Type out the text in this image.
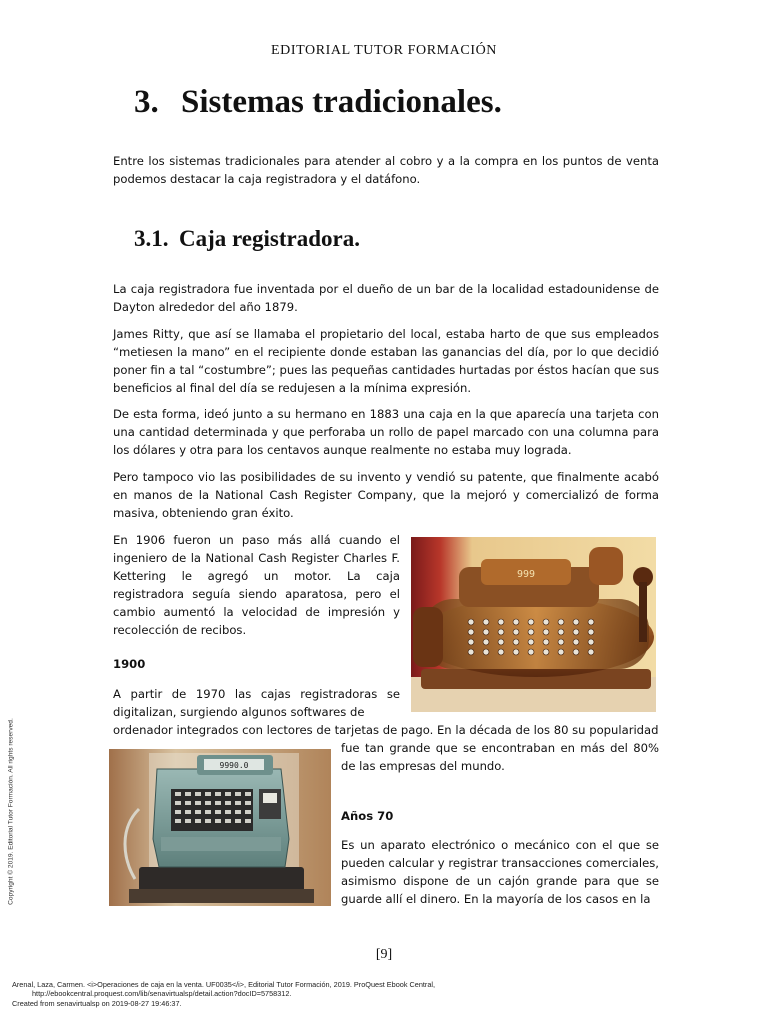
EDITORIAL TUTOR FORMACIÓN
3. Sistemas tradicionales.
Entre los sistemas tradicionales para atender al cobro y a la compra en los puntos de venta podemos destacar la caja registradora y el datáfono.
3.1. Caja registradora.
La caja registradora fue inventada por el dueño de un bar de la localidad estadounidense de Dayton alrededor del año 1879.
James Ritty, que así se llamaba el propietario del local, estaba harto de que sus empleados “metiesen la mano” en el recipiente donde estaban las ganancias del día, por lo que decidió poner fin a tal “costumbre”; pues las pequeñas cantidades hurtadas por éstos hacían que sus beneficios al final del día se redujesen a la mínima expresión.
De esta forma, ideó junto a su hermano en 1883 una caja en la que aparecía una tarjeta con una cantidad determinada y que perforaba un rollo de papel marcado con una columna para los dólares y otra para los centavos aunque realmente no estaba muy lograda.
Pero tampoco vio las posibilidades de su invento y vendió su patente, que finalmente acabó en manos de la National Cash Register Company, que la mejoró y comercializó de forma masiva, obteniendo gran éxito.
En 1906 fueron un paso más allá cuando el ingeniero de la National Cash Register Charles F. Kettering le agregó un motor. La caja registradora seguía siendo aparatosa, pero el cambio aumentó la velocidad de impresión y recolección de recibos.
1900
A partir de 1970 las cajas registradoras se digitalizan, surgiendo algunos softwares de
ordenador integrados con lectores de tarjetas de pago. En la década de los 80 su popularidad
fue tan grande que se encontraban en más del 80% de las empresas del mundo.
Años 70
Es un aparato electrónico o mecánico con el que se pueden calcular y registrar transacciones comerciales, asimismo dispone de un cajón grande para que se guarde allí el dinero. En la mayoría de los casos en la
999
9990.0
[9]
Arenal, Laza, Carmen. <i>Operaciones de caja en la venta. UF0035</i>, Editorial Tutor Formación, 2019. ProQuest Ebook Central,
http://ebookcentral.proquest.com/lib/senavirtualsp/detail.action?docID=5758312.
Created from senavirtualsp on 2019-08-27 19:46:37.
Copyright © 2019. Editorial Tutor Formación. All rights reserved.
